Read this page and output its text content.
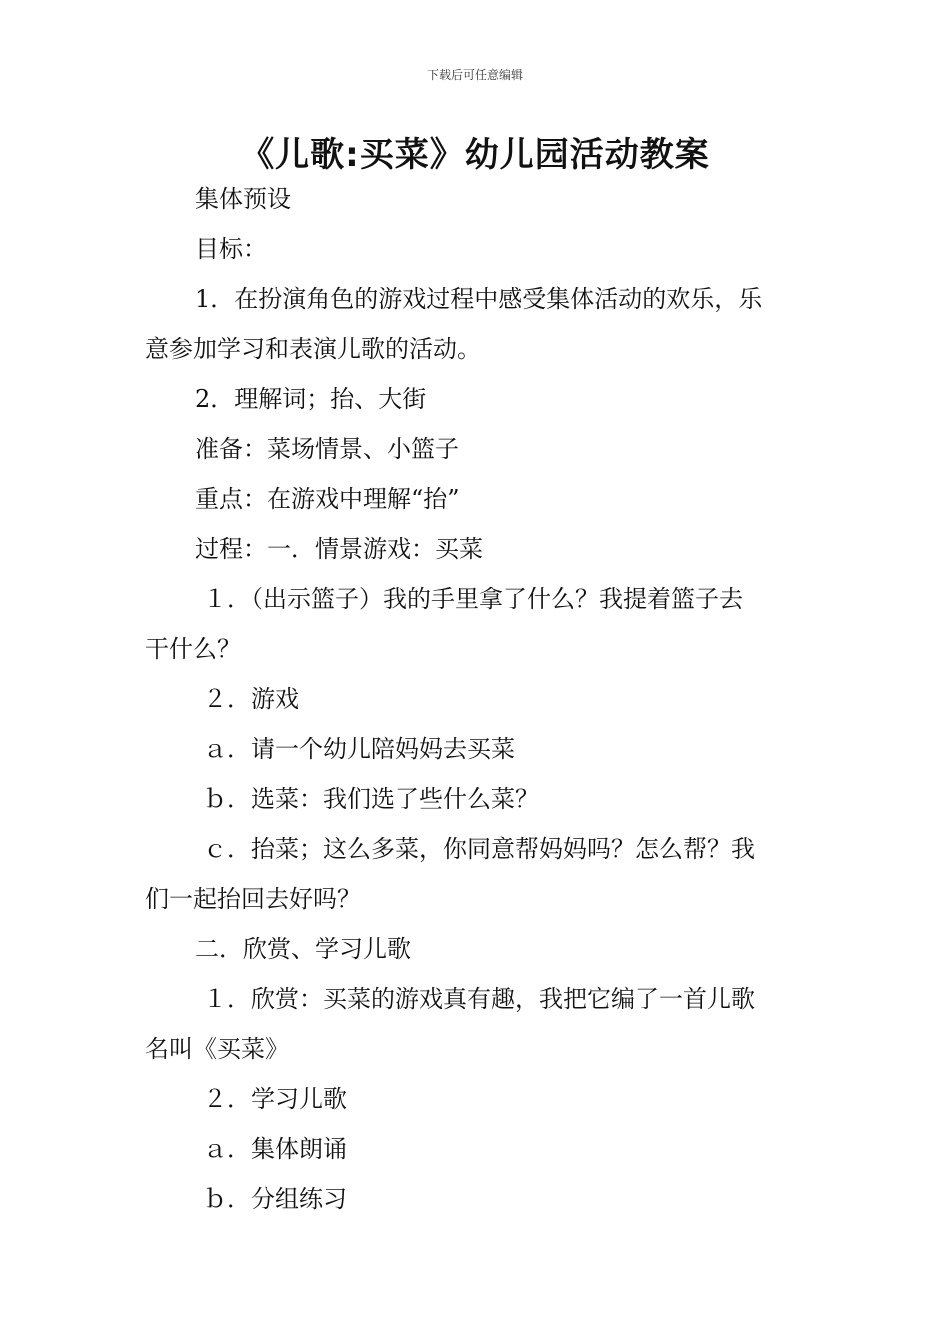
下载后可任意编辑
《儿歌:买菜》幼儿园活动教案

集体预设

目标：

1．在扮演角色的游戏过程中感受集体活动的欢乐，乐

意参加学习和表演儿歌的活动。

2．理解词；抬、大街

准备：菜场情景、小篮子

重点：在游戏中理解“抬”

过程：一．情景游戏：买菜

１．（出示篮子）我的手里拿了什么？我提着篮子去

干什么？

２．游戏

ａ．请一个幼儿陪妈妈去买菜

ｂ．选菜：我们选了些什么菜？

ｃ．抬菜；这么多菜，你同意帮妈妈吗？怎么帮？我

们一起抬回去好吗？

二．欣赏、学习儿歌

１．欣赏：买菜的游戏真有趣，我把它编了一首儿歌

名叫《买菜》

２．学习儿歌

ａ．集体朗诵

ｂ．分组练习
